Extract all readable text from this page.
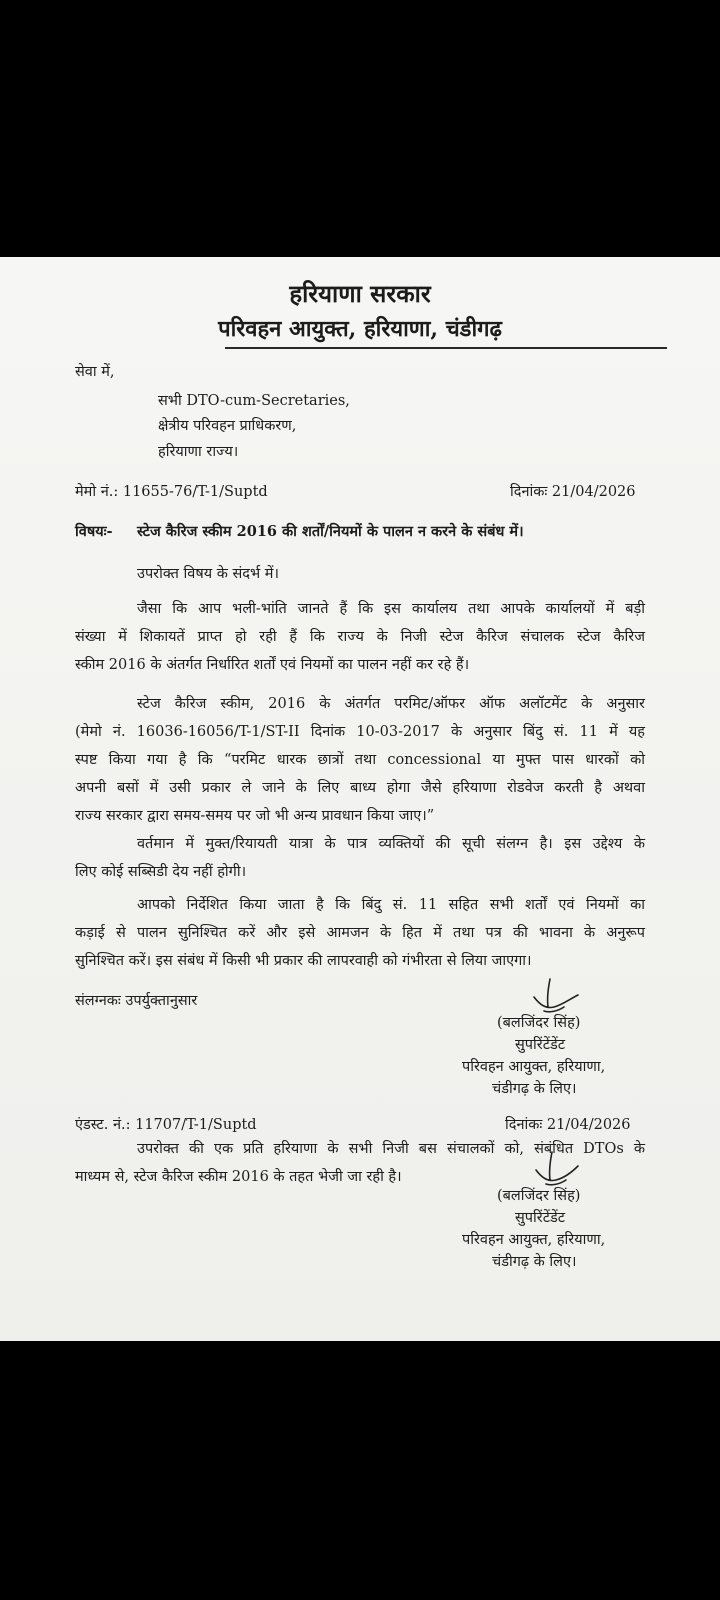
हरियाणा सरकार
परिवहन आयुक्त, हरियाणा, चंडीगढ़
सेवा में,
सभी DTO-cum-Secretaries,
क्षेत्रीय परिवहन प्राधिकरण,
हरियाणा राज्य।
मेमो नं.: 11655-76/T-1/Suptd	दिनांकः 21/04/2026
विषयः- स्टेज कैरिज स्कीम 2016 की शर्तों/नियमों के पालन न करने के संबंध में।
उपरोक्त विषय के संदर्भ में।
जैसा कि आप भली-भांति जानते हैं कि इस कार्यालय तथा आपके कार्यालयों में बड़ी
संख्या में शिकायतें प्राप्त हो रही हैं कि राज्य के निजी स्टेज कैरिज संचालक स्टेज कैरिज
स्कीम 2016 के अंतर्गत निर्धारित शर्तों एवं नियमों का पालन नहीं कर रहे हैं।
स्टेज कैरिज स्कीम, 2016 के अंतर्गत परमिट/ऑफर ऑफ अलॉटमेंट के अनुसार
(मेमो नं. 16036-16056/T-1/ST-II दिनांक 10-03-2017 के अनुसार बिंदु सं. 11 में यह
स्पष्ट किया गया है कि “परमिट धारक छात्रों तथा concessional या मुफ्त पास धारकों को
अपनी बसों में उसी प्रकार ले जाने के लिए बाध्य होगा जैसे हरियाणा रोडवेज करती है अथवा
राज्य सरकार द्वारा समय-समय पर जो भी अन्य प्रावधान किया जाए।”
वर्तमान में मुक्त/रियायती यात्रा के पात्र व्यक्तियों की सूची संलग्न है। इस उद्देश्य के
लिए कोई सब्सिडी देय नहीं होगी।
आपको निर्देशित किया जाता है कि बिंदु सं. 11 सहित सभी शर्तों एवं नियमों का
कड़ाई से पालन सुनिश्चित करें और इसे आमजन के हित में तथा पत्र की भावना के अनुरूप
सुनिश्चित करें। इस संबंध में किसी भी प्रकार की लापरवाही को गंभीरता से लिया जाएगा।
संलग्नकः उपर्युक्तानुसार
(बलजिंदर सिंह)
सुपरिंटेंडेंट
परिवहन आयुक्त, हरियाणा,
चंडीगढ़ के लिए।
एंडस्ट. नं.: 11707/T-1/Suptd	दिनांकः 21/04/2026
उपरोक्त की एक प्रति हरियाणा के सभी निजी बस संचालकों को, संबंधित DTOs के
माध्यम से, स्टेज कैरिज स्कीम 2016 के तहत भेजी जा रही है।
(बलजिंदर सिंह)
सुपरिंटेंडेंट
परिवहन आयुक्त, हरियाणा,
चंडीगढ़ के लिए।
